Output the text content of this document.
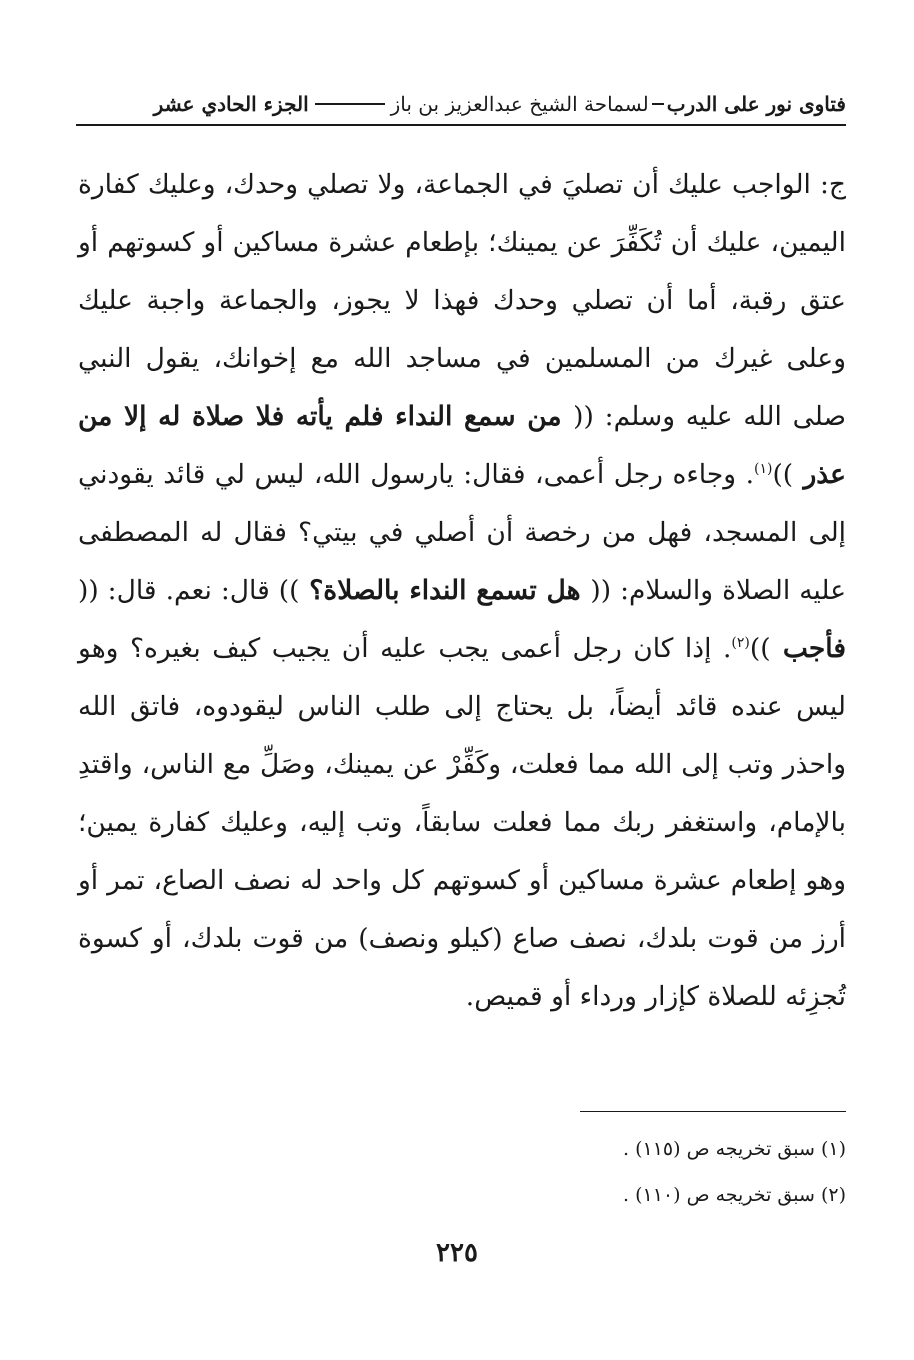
فتاوى نور على الدرب
لسماحة الشيخ عبدالعزيز بن باز
الجزء الحادي عشر

ج: الواجب عليك أن تصليَ في الجماعة، ولا تصلي وحدك، وعليك كفارة اليمين، عليك أن تُكَفِّرَ عن يمينك؛ بإطعام عشرة مساكين أو كسوتهم أو عتق رقبة، أما أن تصلي وحدك فهذا لا يجوز، والجماعة واجبة عليك وعلى غيرك من المسلمين في مساجد الله مع إخوانك، يقول النبي صلى الله عليه وسلم: (( من سمع النداء فلم يأته فلا صلاة له إلا من عذر ))$^{(١)}$. وجاءه رجل أعمى، فقال: يارسول الله، ليس لي قائد يقودني إلى المسجد، فهل من رخصة أن أصلي في بيتي؟ فقال له المصطفى عليه الصلاة والسلام: (( هل تسمع النداء بالصلاة؟ )) قال: نعم. قال: (( فأجب ))$^{(٢)}$. إذا كان رجل أعمى يجب عليه أن يجيب كيف بغيره؟ وهو ليس عنده قائد أيضاً، بل يحتاج إلى طلب الناس ليقودوه، فاتق الله واحذر وتب إلى الله مما فعلت، وكَفِّرْ عن يمينك، وصَلِّ مع الناس، واقتدِ بالإمام، واستغفر ربك مما فعلت سابقاً، وتب إليه، وعليك كفارة يمين؛ وهو إطعام عشرة مساكين أو كسوتهم كل واحد له نصف الصاع، تمر أو أرز من قوت بلدك، نصف صاع (كيلو ونصف) من قوت بلدك، أو كسوة تُجزِئه للصلاة كإزار ورداء أو قميص.

(١) سبق تخريجه ص (١١٥) .
(٢) سبق تخريجه ص (١١٠) .
٢٢٥
